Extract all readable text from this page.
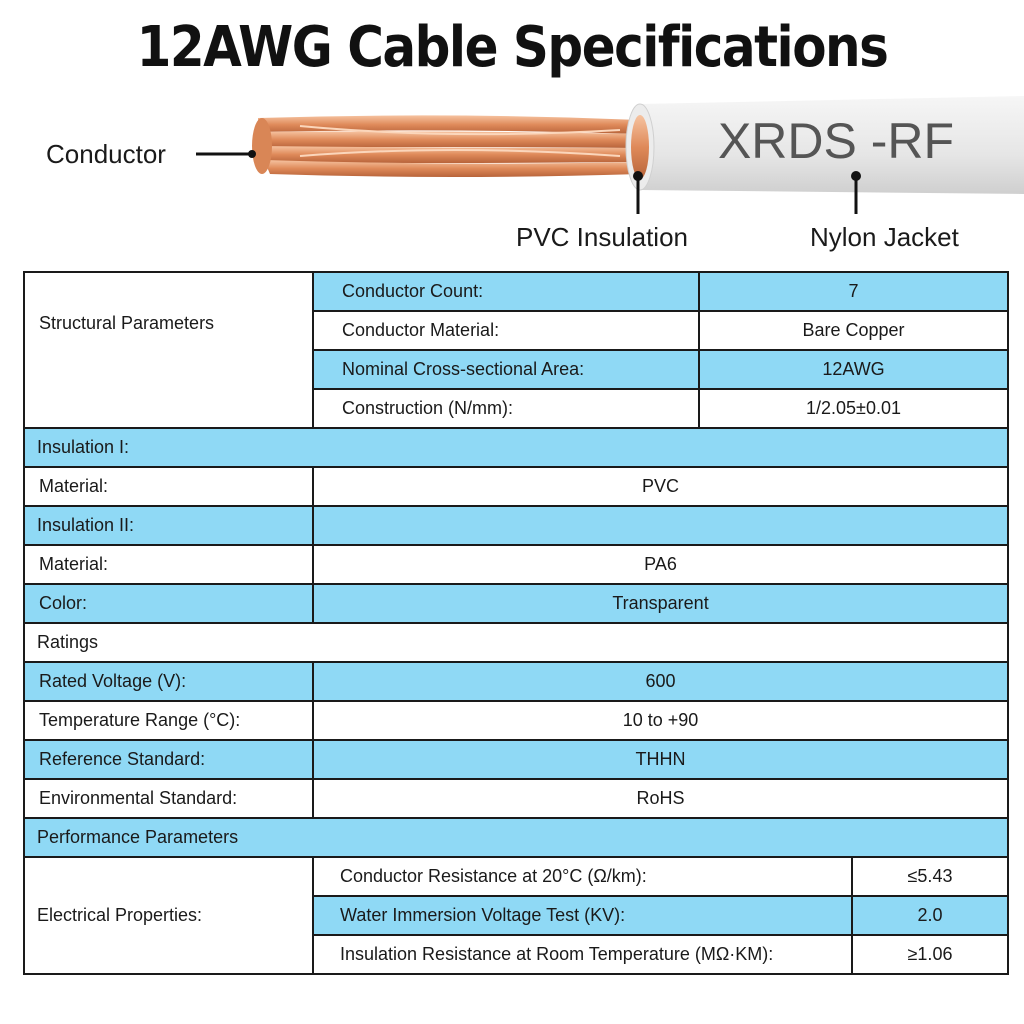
12AWG Cable Specifications
XRDS -RF
Conductor
PVC Insulation	Nylon Jacket
Structural Parameters	Conductor Count:	7	
	Conductor Material:	Bare Copper	
	Nominal Cross-sectional Area:	12AWG	
	Construction (N/mm):	1/2.05±0.01	
Insulation I:			
Material:	PVC		
Insulation II:			
Material:	PA6		
Color:	Transparent		
Ratings			
Rated Voltage (V):	600		
Temperature Range (°C):	10 to +90		
Reference Standard:	THHN		
Environmental Standard:	RoHS		
Performance Parameters			
Electrical Properties:	Conductor Resistance at 20°C (Ω/km):		≤5.43
	Water Immersion Voltage Test (KV):		2.0
	Insulation Resistance at Room Temperature (MΩ·KM):		≥1.06
